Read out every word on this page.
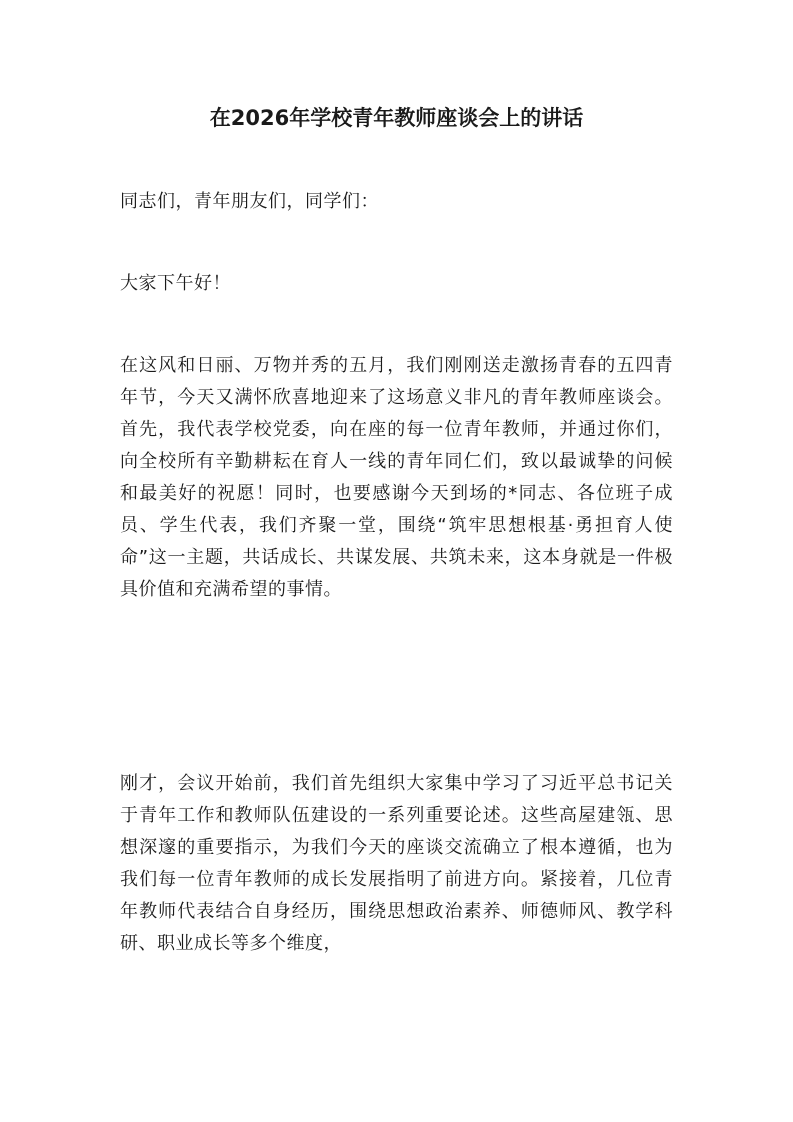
在2026年学校青年教师座谈会上的讲话

同志们，青年朋友们，同学们：

大家下午好！

在这风和日丽、万物并秀的五月，我们刚刚送走激扬青春的五四青年节，今天又满怀欣喜地迎来了这场意义非凡的青年教师座谈会。首先，我代表学校党委，向在座的每一位青年教师，并通过你们，向全校所有辛勤耕耘在育人一线的青年同仁们，致以最诚挚的问候和最美好的祝愿！同时，也要感谢今天到场的*同志、各位班子成员、学生代表，我们齐聚一堂，围绕“筑牢思想根基·勇担育人使命”这一主题，共话成长、共谋发展、共筑未来，这本身就是一件极具价值和充满希望的事情。

刚才，会议开始前，我们首先组织大家集中学习了习近平总书记关于青年工作和教师队伍建设的一系列重要论述。这些高屋建瓴、思想深邃的重要指示，为我们今天的座谈交流确立了根本遵循，也为我们每一位青年教师的成长发展指明了前进方向。紧接着，几位青年教师代表结合自身经历，围绕思想政治素养、师德师风、教学科研、职业成长等多个维度，
